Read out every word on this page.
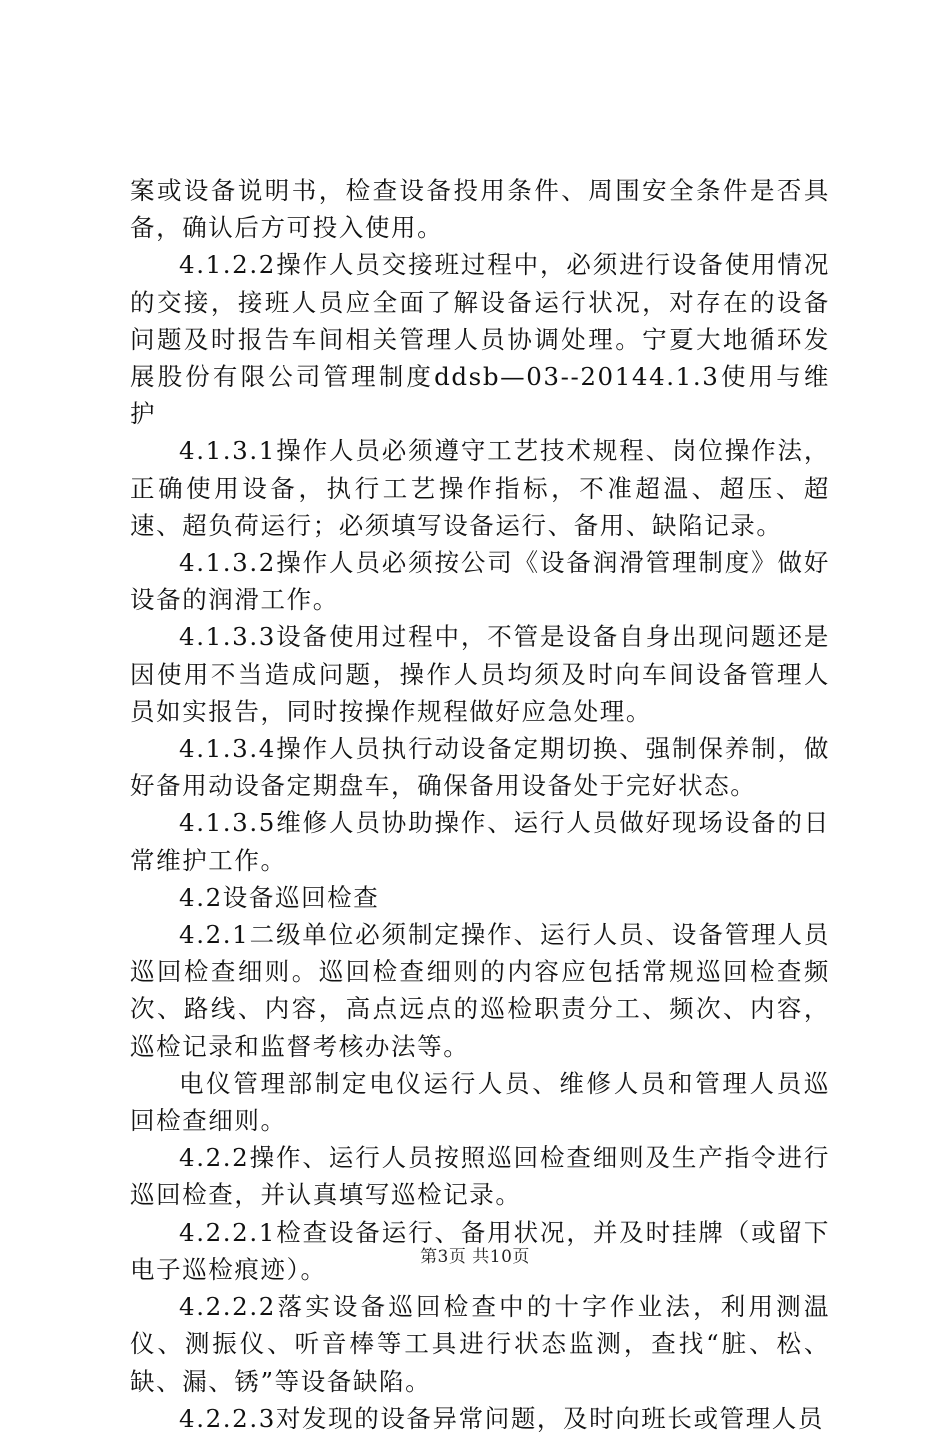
案或设备说明书，检查设备投用条件、周围安全条件是否具备，确认后方可投入使用。

4.1.2.2操作人员交接班过程中，必须进行设备使用情况的交接，接班人员应全面了解设备运行状况，对存在的设备问题及时报告车间相关管理人员协调处理。宁夏大地循环发展股份有限公司管理制度ddsb—03--20144.1.3使用与维护

4.1.3.1操作人员必须遵守工艺技术规程、岗位操作法，正确使用设备，执行工艺操作指标，不准超温、超压、超速、超负荷运行；必须填写设备运行、备用、缺陷记录。

4.1.3.2操作人员必须按公司《设备润滑管理制度》做好设备的润滑工作。

4.1.3.3设备使用过程中，不管是设备自身出现问题还是因使用不当造成问题，操作人员均须及时向车间设备管理人员如实报告，同时按操作规程做好应急处理。

4.1.3.4操作人员执行动设备定期切换、强制保养制，做好备用动设备定期盘车，确保备用设备处于完好状态。

4.1.3.5维修人员协助操作、运行人员做好现场设备的日常维护工作。

4.2设备巡回检查

4.2.1二级单位必须制定操作、运行人员、设备管理人员巡回检查细则。巡回检查细则的内容应包括常规巡回检查频次、路线、内容，高点远点的巡检职责分工、频次、内容，巡检记录和监督考核办法等。

电仪管理部制定电仪运行人员、维修人员和管理人员巡回检查细则。

4.2.2操作、运行人员按照巡回检查细则及生产指令进行巡回检查，并认真填写巡检记录。

4.2.2.1检查设备运行、备用状况，并及时挂牌（或留下电子巡检痕迹）。

4.2.2.2落实设备巡回检查中的十字作业法，利用测温仪、测振仪、听音棒等工具进行状态监测，查找“脏、松、缺、漏、锈”等设备缺陷。

4.2.2.3对发现的设备异常问题，及时向班长或管理人员

第3页 共10页
